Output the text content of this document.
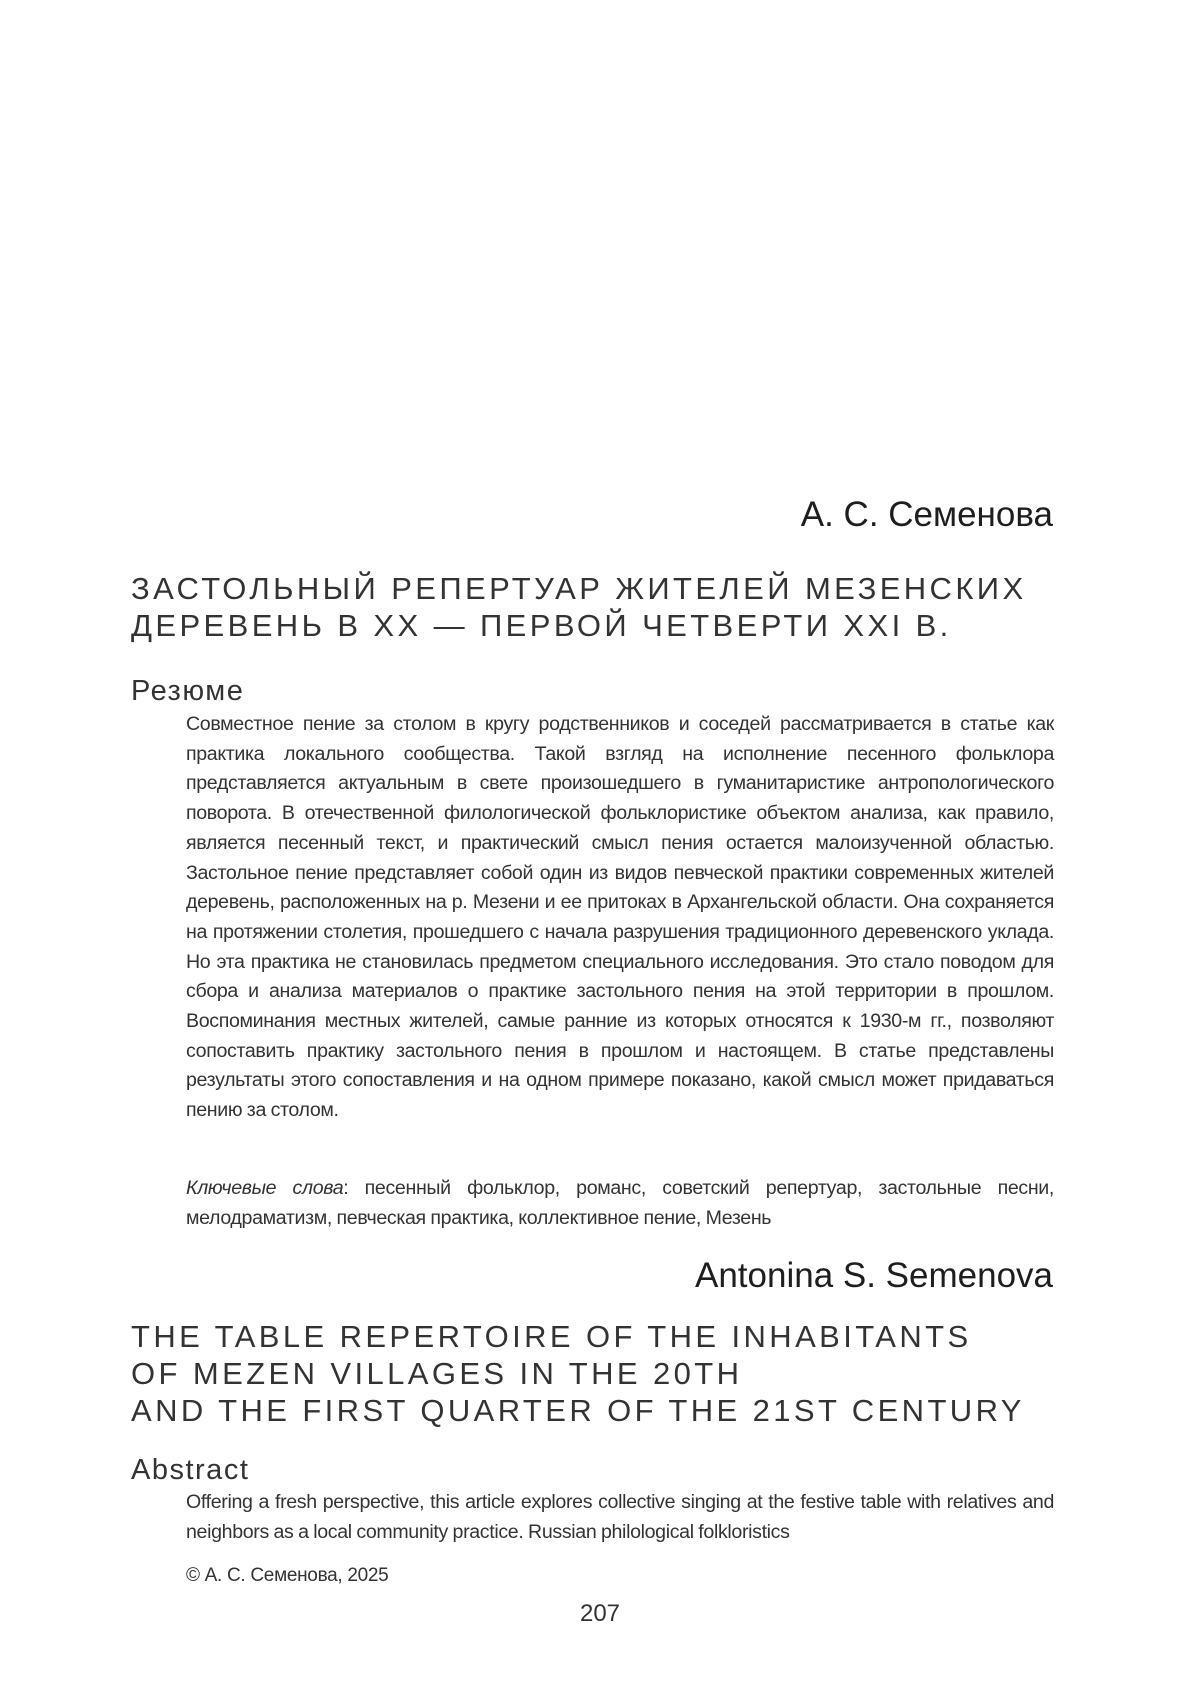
А. С. Семенова
ЗАСТОЛЬНЫЙ РЕПЕРТУАР ЖИТЕЛЕЙ МЕЗЕНСКИХ
ДЕРЕВЕНЬ В XX — ПЕРВОЙ ЧЕТВЕРТИ XXI В.
Резюме
Совместное пение за столом в кругу родственников и соседей рассматривается в статье как практика локального сообщества. Такой взгляд на исполнение песенного фольклора представляется актуальным в свете произошедшего в гуманитаристике антропологического поворота. В отечественной филологической фольклористике объектом анализа, как правило, является песенный текст, и практический смысл пения остается малоизученной областью. Застольное пение представляет собой один из видов певческой практики современных жителей деревень, расположенных на р. Мезени и ее притоках в Архангельской области. Она сохраняется на протяжении столетия, прошедшего с начала разрушения традиционного деревенского уклада. Но эта практика не становилась предметом специального исследования. Это стало поводом для сбора и анализа материалов о практике застольного пения на этой территории в прошлом. Воспоминания местных жителей, самые ранние из которых относятся к 1930-м гг., позволяют сопоставить практику застольного пения в прошлом и настоящем. В статье представлены результаты этого сопоставления и на одном примере показано, какой смысл может придаваться пению за столом.
Ключевые слова: песенный фольклор, романс, советский репертуар, застольные песни, мелодраматизм, певческая практика, коллективное пение, Мезень
Antonina S. Semenova
THE TABLE REPERTOIRE OF THE INHABITANTS
OF MEZEN VILLAGES IN THE 20TH
AND THE FIRST QUARTER OF THE 21ST CENTURY
Abstract
Offering a fresh perspective, this article explores collective singing at the festive table with relatives and neighbors as a local community practice. Russian philological folkloristics
© А. С. Семенова, 2025
207
